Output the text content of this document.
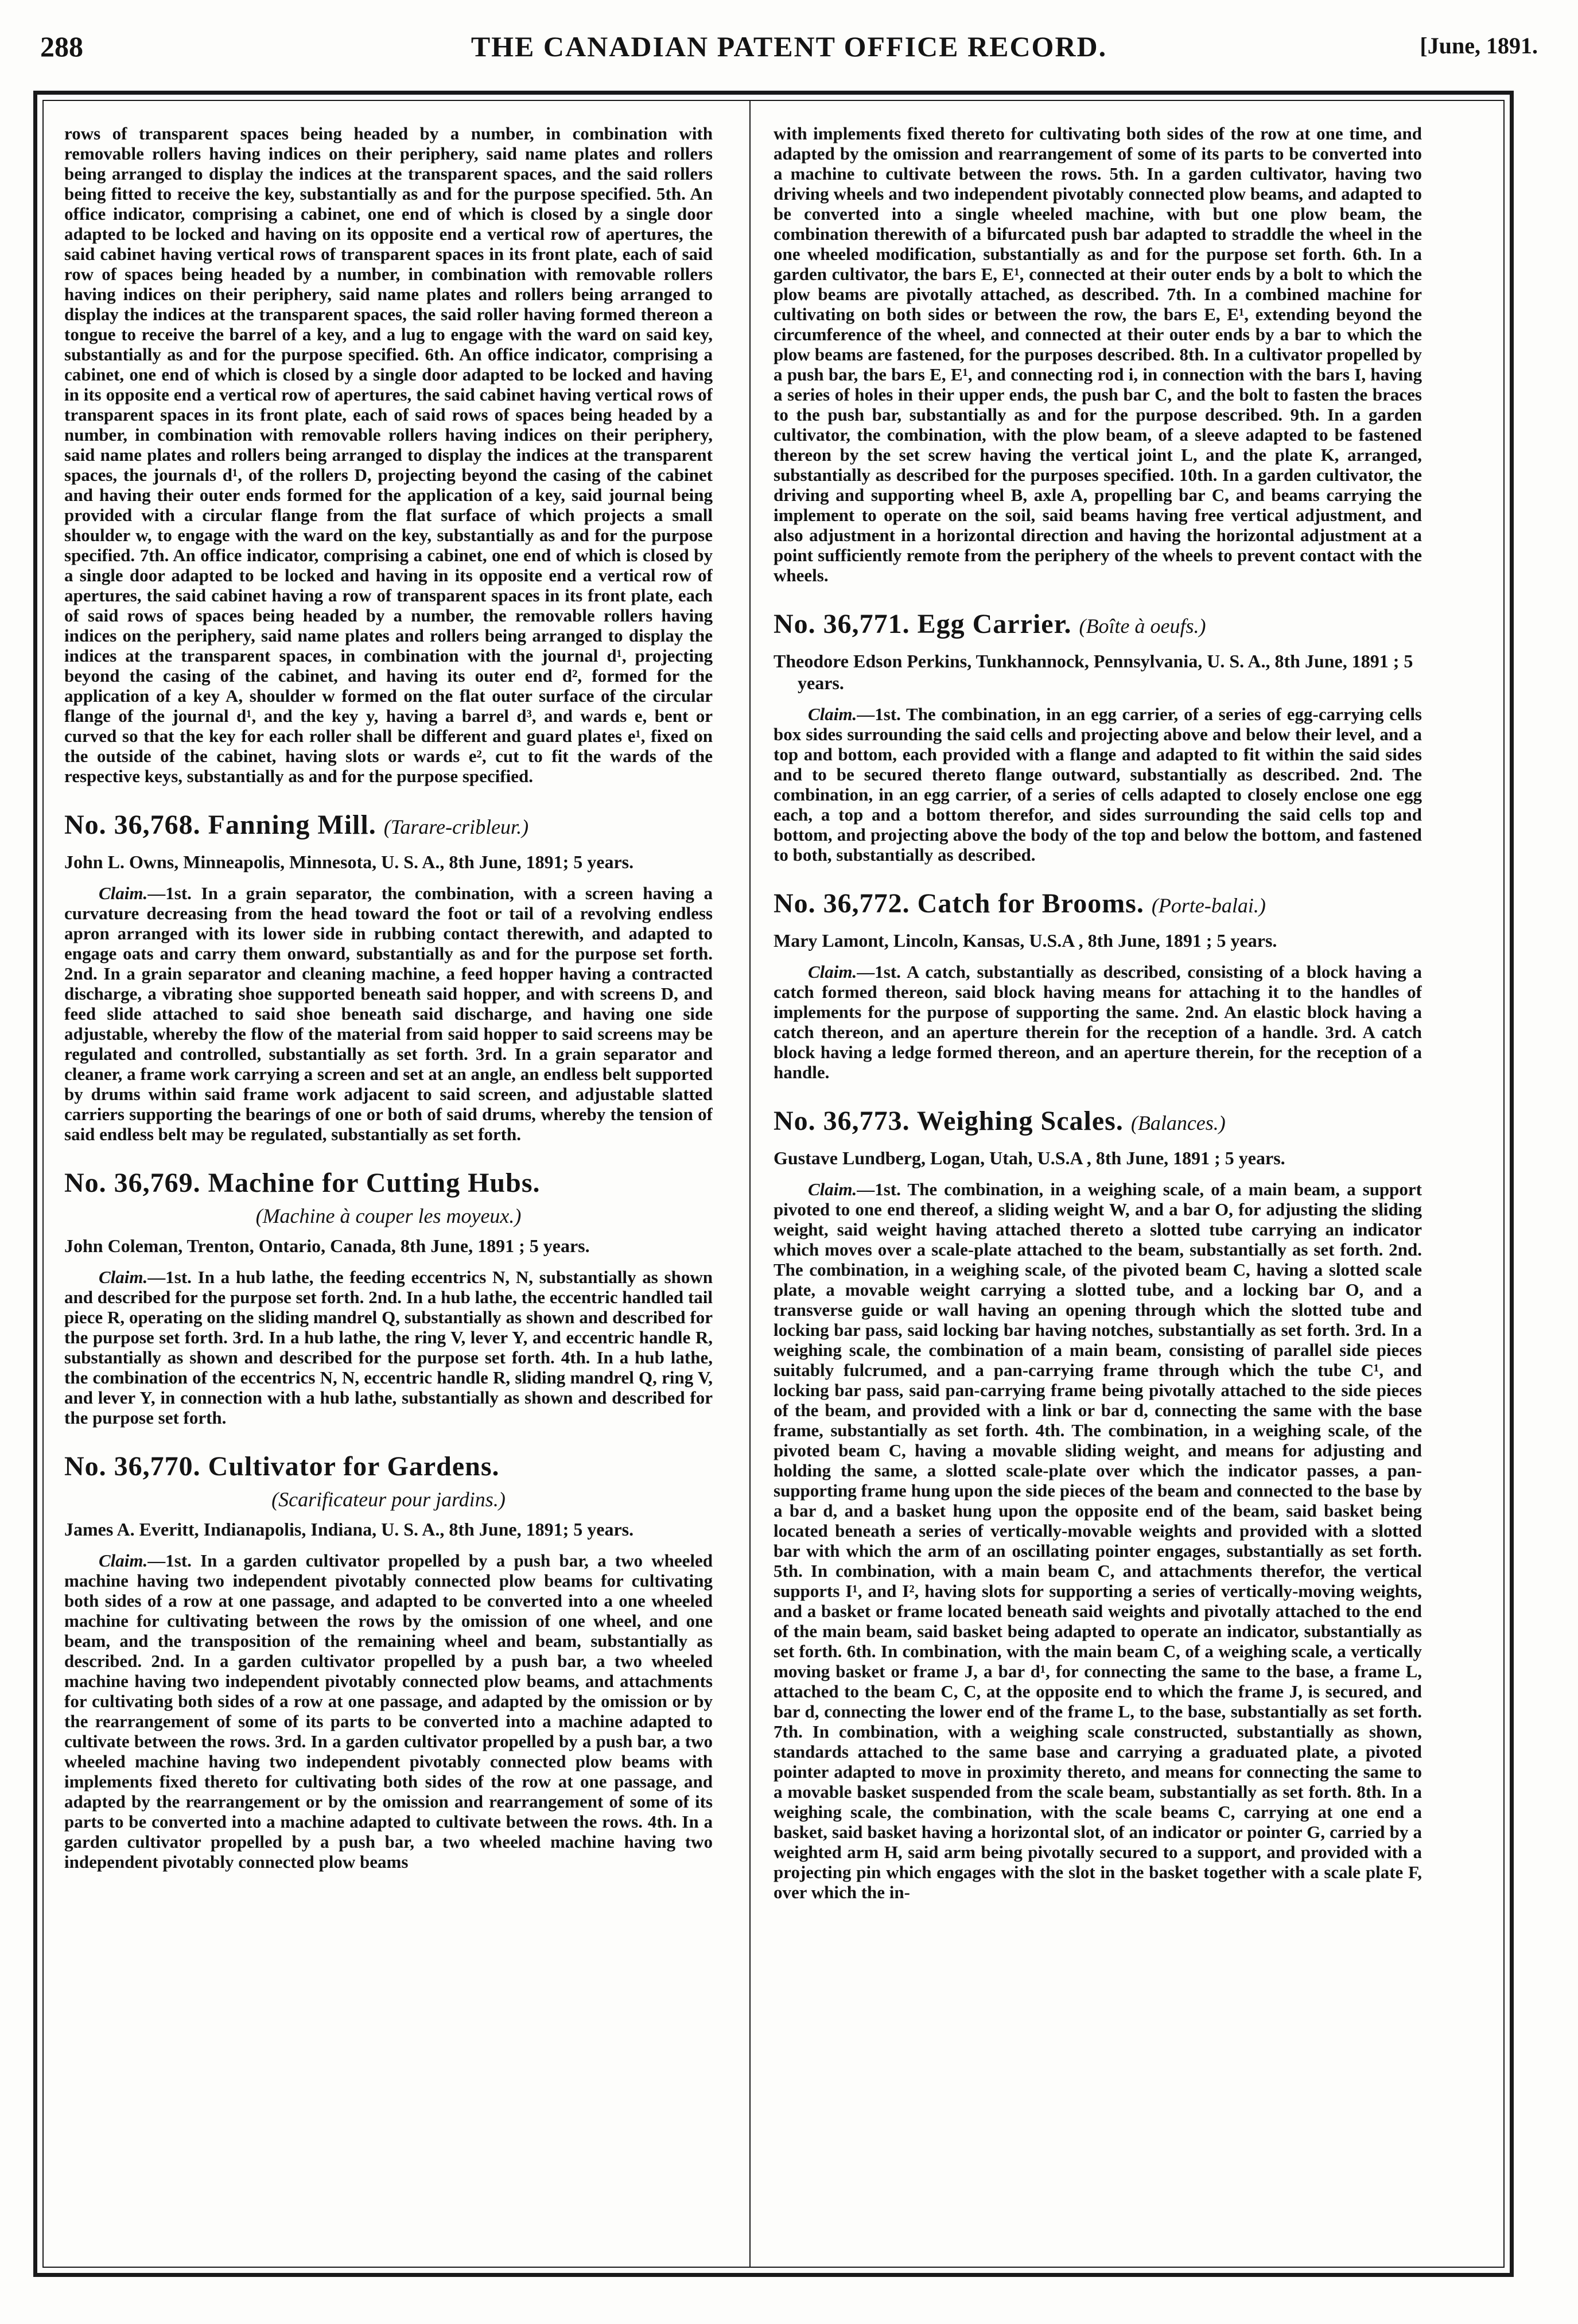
288	THE CANADIAN PATENT OFFICE RECORD.	[June, 1891.

rows of transparent spaces being headed by a number, in combination with removable rollers having indices on their periphery, said name plates and rollers being arranged to display the indices at the transparent spaces, and the said rollers being fitted to receive the key, substantially as and for the purpose specified. 5th. An office indicator, comprising a cabinet, one end of which is closed by a single door adapted to be locked and having on its opposite end a vertical row of apertures, the said cabinet having vertical rows of transparent spaces in its front plate, each of said row of spaces being headed by a number, in combination with removable rollers having indices on their periphery, said name plates and rollers being arranged to display the indices at the transparent spaces, the said roller having formed thereon a tongue to receive the barrel of a key, and a lug to engage with the ward on said key, substantially as and for the purpose specified. 6th. An office indicator, comprising a cabinet, one end of which is closed by a single door adapted to be locked and having in its opposite end a vertical row of apertures, the said cabinet having vertical rows of transparent spaces in its front plate, each of said rows of spaces being headed by a number, in combination with removable rollers having indices on their periphery, said name plates and rollers being arranged to display the indices at the transparent spaces, the journals d¹, of the rollers D, projecting beyond the casing of the cabinet and having their outer ends formed for the application of a key, said journal being provided with a circular flange from the flat surface of which projects a small shoulder w, to engage with the ward on the key, substantially as and for the purpose specified. 7th. An office indicator, comprising a cabinet, one end of which is closed by a single door adapted to be locked and having in its opposite end a vertical row of apertures, the said cabinet having a row of transparent spaces in its front plate, each of said rows of spaces being headed by a number, the removable rollers having indices on the periphery, said name plates and rollers being arranged to display the indices at the transparent spaces, in combination with the journal d¹, projecting beyond the casing of the cabinet, and having its outer end d², formed for the application of a key A, shoulder w formed on the flat outer surface of the circular flange of the journal d¹, and the key y, having a barrel d³, and wards e, bent or curved so that the key for each roller shall be different and guard plates e¹, fixed on the outside of the cabinet, having slots or wards e², cut to fit the wards of the respective keys, substantially as and for the purpose specified.

No. 36,768. Fanning Mill. (Tarare-cribleur.)

John L. Owns, Minneapolis, Minnesota, U. S. A., 8th June, 1891; 5 years.

Claim.—1st. In a grain separator, the combination, with a screen having a curvature decreasing from the head toward the foot or tail of a revolving endless apron arranged with its lower side in rubbing contact therewith, and adapted to engage oats and carry them onward, substantially as and for the purpose set forth. 2nd. In a grain separator and cleaning machine, a feed hopper having a contracted discharge, a vibrating shoe supported beneath said hopper, and with screens D, and feed slide attached to said shoe beneath said discharge, and having one side adjustable, whereby the flow of the material from said hopper to said screens may be regulated and controlled, substantially as set forth. 3rd. In a grain separator and cleaner, a frame work carrying a screen and set at an angle, an endless belt supported by drums within said frame work adjacent to said screen, and adjustable slatted carriers supporting the bearings of one or both of said drums, whereby the tension of said endless belt may be regulated, substantially as set forth.

No. 36,769. Machine for Cutting Hubs.
(Machine à couper les moyeux.)

John Coleman, Trenton, Ontario, Canada, 8th June, 1891 ; 5 years.

Claim.—1st. In a hub lathe, the feeding eccentrics N, N, substantially as shown and described for the purpose set forth. 2nd. In a hub lathe, the eccentric handled tail piece R, operating on the sliding mandrel Q, substantially as shown and described for the purpose set forth. 3rd. In a hub lathe, the ring V, lever Y, and eccentric handle R, substantially as shown and described for the purpose set forth. 4th. In a hub lathe, the combination of the eccentrics N, N, eccentric handle R, sliding mandrel Q, ring V, and lever Y, in connection with a hub lathe, substantially as shown and described for the purpose set forth.

No. 36,770. Cultivator for Gardens.
(Scarificateur pour jardins.)

James A. Everitt, Indianapolis, Indiana, U. S. A., 8th June, 1891; 5 years.

Claim.—1st. In a garden cultivator propelled by a push bar, a two wheeled machine having two independent pivotably connected plow beams for cultivating both sides of a row at one passage, and adapted to be converted into a one wheeled machine for cultivating between the rows by the omission of one wheel, and one beam, and the transposition of the remaining wheel and beam, substantially as described. 2nd. In a garden cultivator propelled by a push bar, a two wheeled machine having two independent pivotably connected plow beams, and attachments for cultivating both sides of a row at one passage, and adapted by the omission or by the rearrangement of some of its parts to be converted into a machine adapted to cultivate between the rows. 3rd. In a garden cultivator propelled by a push bar, a two wheeled machine having two independent pivotably connected plow beams with implements fixed thereto for cultivating both sides of the row at one passage, and adapted by the rearrangement or by the omission and rearrangement of some of its parts to be converted into a machine adapted to cultivate between the rows. 4th. In a garden cultivator propelled by a push bar, a two wheeled machine having two independent pivotably connected plow beams

with implements fixed thereto for cultivating both sides of the row at one time, and adapted by the omission and rearrangement of some of its parts to be converted into a machine to cultivate between the rows. 5th. In a garden cultivator, having two driving wheels and two independent pivotably connected plow beams, and adapted to be converted into a single wheeled machine, with but one plow beam, the combination therewith of a bifurcated push bar adapted to straddle the wheel in the one wheeled modification, substantially as and for the purpose set forth. 6th. In a garden cultivator, the bars E, E¹, connected at their outer ends by a bolt to which the plow beams are pivotally attached, as described. 7th. In a combined machine for cultivating on both sides or between the row, the bars E, E¹, extending beyond the circumference of the wheel, and connected at their outer ends by a bar to which the plow beams are fastened, for the purposes described. 8th. In a cultivator propelled by a push bar, the bars E, E¹, and connecting rod i, in connection with the bars I, having a series of holes in their upper ends, the push bar C, and the bolt to fasten the braces to the push bar, substantially as and for the purpose described. 9th. In a garden cultivator, the combination, with the plow beam, of a sleeve adapted to be fastened thereon by the set screw having the vertical joint L, and the plate K, arranged, substantially as described for the purposes specified. 10th. In a garden cultivator, the driving and supporting wheel B, axle A, propelling bar C, and beams carrying the implement to operate on the soil, said beams having free vertical adjustment, and also adjustment in a horizontal direction and having the horizontal adjustment at a point sufficiently remote from the periphery of the wheels to prevent contact with the wheels.

No. 36,771. Egg Carrier. (Boîte à oeufs.)

Theodore Edson Perkins, Tunkhannock, Pennsylvania, U. S. A., 8th June, 1891 ; 5 years.

Claim.—1st. The combination, in an egg carrier, of a series of egg-carrying cells box sides surrounding the said cells and projecting above and below their level, and a top and bottom, each provided with a flange and adapted to fit within the said sides and to be secured thereto flange outward, substantially as described. 2nd. The combination, in an egg carrier, of a series of cells adapted to closely enclose one egg each, a top and a bottom therefor, and sides surrounding the said cells top and bottom, and projecting above the body of the top and below the bottom, and fastened to both, substantially as described.

No. 36,772. Catch for Brooms. (Porte-balai.)

Mary Lamont, Lincoln, Kansas, U.S.A , 8th June, 1891 ; 5 years.

Claim.—1st. A catch, substantially as described, consisting of a block having a catch formed thereon, said block having means for attaching it to the handles of implements for the purpose of supporting the same. 2nd. An elastic block having a catch thereon, and an aperture therein for the reception of a handle. 3rd. A catch block having a ledge formed thereon, and an aperture therein, for the reception of a handle.

No. 36,773. Weighing Scales. (Balances.)

Gustave Lundberg, Logan, Utah, U.S.A , 8th June, 1891 ; 5 years.

Claim.—1st. The combination, in a weighing scale, of a main beam, a support pivoted to one end thereof, a sliding weight W, and a bar O, for adjusting the sliding weight, said weight having attached thereto a slotted tube carrying an indicator which moves over a scale-plate attached to the beam, substantially as set forth. 2nd. The combination, in a weighing scale, of the pivoted beam C, having a slotted scale plate, a movable weight carrying a slotted tube, and a locking bar O, and a transverse guide or wall having an opening through which the slotted tube and locking bar pass, said locking bar having notches, substantially as set forth. 3rd. In a weighing scale, the combination of a main beam, consisting of parallel side pieces suitably fulcrumed, and a pan-carrying frame through which the tube C¹, and locking bar pass, said pan-carrying frame being pivotally attached to the side pieces of the beam, and provided with a link or bar d, connecting the same with the base frame, substantially as set forth. 4th. The combination, in a weighing scale, of the pivoted beam C, having a movable sliding weight, and means for adjusting and holding the same, a slotted scale-plate over which the indicator passes, a pan-supporting frame hung upon the side pieces of the beam and connected to the base by a bar d, and a basket hung upon the opposite end of the beam, said basket being located beneath a series of vertically-movable weights and provided with a slotted bar with which the arm of an oscillating pointer engages, substantially as set forth. 5th. In combination, with a main beam C, and attachments therefor, the vertical supports I¹, and I², having slots for supporting a series of vertically-moving weights, and a basket or frame located beneath said weights and pivotally attached to the end of the main beam, said basket being adapted to operate an indicator, substantially as set forth. 6th. In combination, with the main beam C, of a weighing scale, a vertically moving basket or frame J, a bar d¹, for connecting the same to the base, a frame L, attached to the beam C, C, at the opposite end to which the frame J, is secured, and bar d, connecting the lower end of the frame L, to the base, substantially as set forth. 7th. In combination, with a weighing scale constructed, substantially as shown, standards attached to the same base and carrying a graduated plate, a pivoted pointer adapted to move in proximity thereto, and means for connecting the same to a movable basket suspended from the scale beam, substantially as set forth. 8th. In a weighing scale, the combination, with the scale beams C, carrying at one end a basket, said basket having a horizontal slot, of an indicator or pointer G, carried by a weighted arm H, said arm being pivotally secured to a support, and provided with a projecting pin which engages with the slot in the basket together with a scale plate F, over which the in-
